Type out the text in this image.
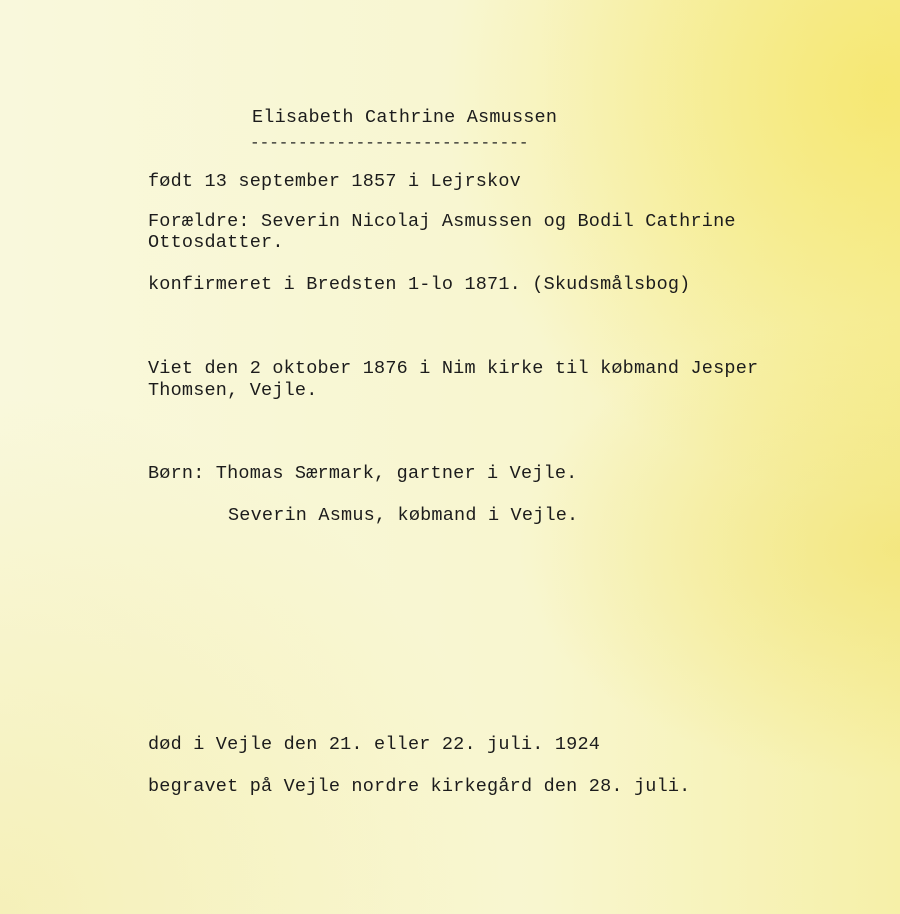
Elisabeth Cathrine Asmussen

-----------------------------

født 13 september 1857 i Lejrskov

Forældre: Severin Nicolaj Asmussen og Bodil Cathrine

Ottosdatter.

konfirmeret i Bredsten 1-lo 1871. (Skudsmålsbog)

Viet den 2 oktober 1876 i Nim kirke til købmand Jesper

Thomsen, Vejle.

Børn: Thomas Særmark, gartner i Vejle.

Severin Asmus, købmand i Vejle.

død i Vejle den 21. eller 22. juli. 1924

begravet på Vejle nordre kirkegård den 28. juli.
